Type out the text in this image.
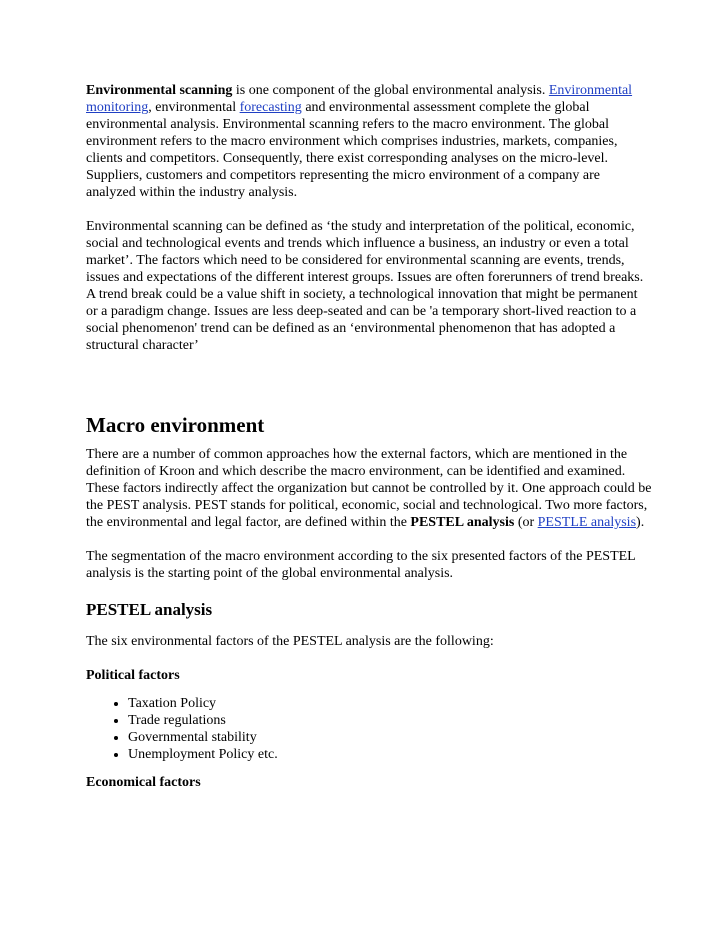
Environmental scanning is one component of the global environmental analysis. Environmental monitoring, environmental forecasting and environmental assessment complete the global environmental analysis. Environmental scanning refers to the macro environment. The global environment refers to the macro environment which comprises industries, markets, companies, clients and competitors. Consequently, there exist corresponding analyses on the micro-level. Suppliers, customers and competitors representing the micro environment of a company are analyzed within the industry analysis.

Environmental scanning can be defined as ‘the study and interpretation of the political, economic, social and technological events and trends which influence a business, an industry or even a total market’. The factors which need to be considered for environmental scanning are events, trends, issues and expectations of the different interest groups. Issues are often forerunners of trend breaks. A trend break could be a value shift in society, a technological innovation that might be permanent or a paradigm change. Issues are less deep-seated and can be 'a temporary short-lived reaction to a social phenomenon' trend can be defined as an ‘environmental phenomenon that has adopted a structural character’

Macro environment

There are a number of common approaches how the external factors, which are mentioned in the definition of Kroon and which describe the macro environment, can be identified and examined. These factors indirectly affect the organization but cannot be controlled by it. One approach could be the PEST analysis. PEST stands for political, economic, social and technological. Two more factors, the environmental and legal factor, are defined within the PESTEL analysis (or PESTLE analysis).

The segmentation of the macro environment according to the six presented factors of the PESTEL analysis is the starting point of the global environmental analysis.

PESTEL analysis

The six environmental factors of the PESTEL analysis are the following:

Political factors

• Taxation Policy
• Trade regulations
• Governmental stability
• Unemployment Policy etc.

Economical factors
